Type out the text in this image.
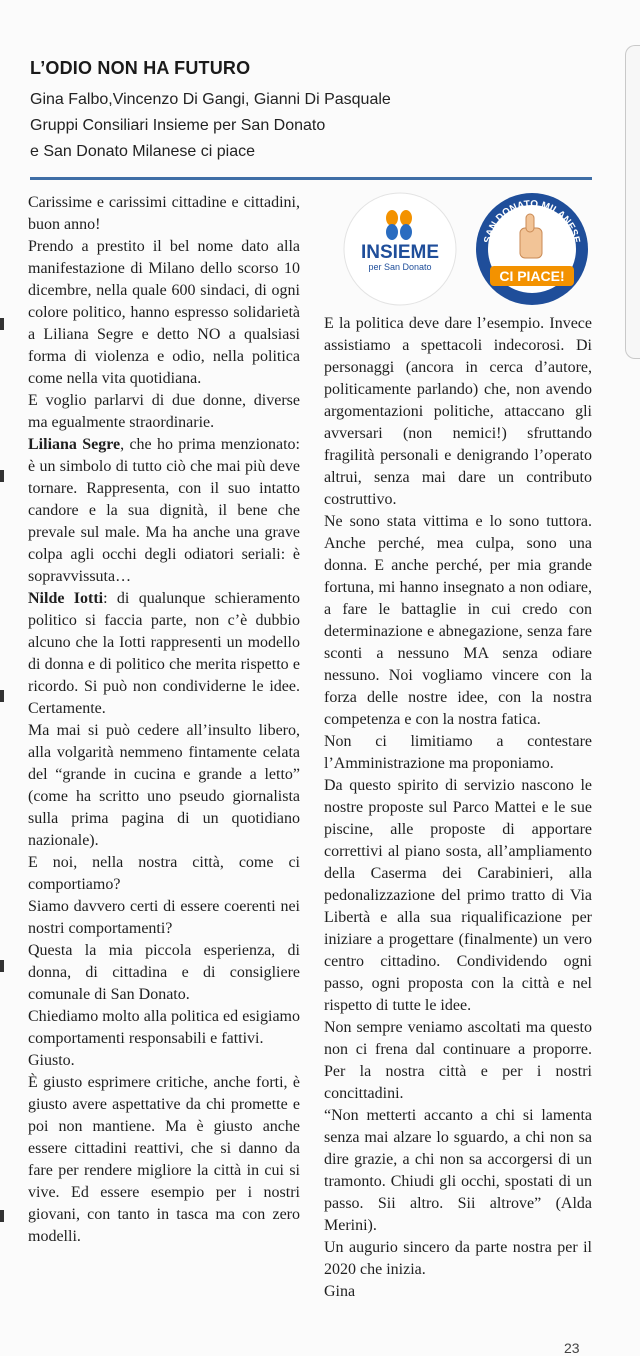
L’ODIO NON HA FUTURO
Gina Falbo,Vincenzo Di Gangi, Gianni Di Pasquale
Gruppi Consiliari Insieme per San Donato
e San Donato Milanese ci piace

Carissime e carissimi cittadine e cittadini, buon anno!

Prendo a prestito il bel nome dato alla manifestazione di Milano dello scorso 10 dicembre, nella quale 600 sindaci, di ogni colore politico, hanno espresso solidarietà a Liliana Segre e detto NO a qualsiasi forma di violenza e odio, nella politica come nella vita quotidiana.

E voglio parlarvi di due donne, diverse ma egualmente straordinarie.

Liliana Segre, che ho prima menzionato: è un simbolo di tutto ciò che mai più deve tornare. Rappresenta, con il suo intatto candore e la sua dignità, il bene che prevale sul male. Ma ha anche una grave colpa agli occhi degli odiatori seriali: è sopravvissuta…

Nilde Iotti: di qualunque schieramento politico si faccia parte, non c’è dubbio alcuno che la Iotti rappresenti un modello di donna e di politico che merita rispetto e ricordo. Si può non condividerne le idee. Certamente.

Ma mai si può cedere all’insulto libero, alla volgarità nemmeno fintamente celata del “grande in cucina e grande a letto” (come ha scritto uno pseudo giornalista sulla prima pagina di un quotidiano nazionale).

E noi, nella nostra città, come ci comportiamo?

Siamo davvero certi di essere coerenti nei nostri comportamenti?

Questa la mia piccola esperienza, di donna, di cittadina e di consigliere comunale di San Donato.

Chiediamo molto alla politica ed esigiamo comportamenti responsabili e fattivi.

Giusto.

È giusto esprimere critiche, anche forti, è giusto avere aspettative da chi promette e poi non mantiene. Ma è giusto anche essere cittadini reattivi, che si danno da fare per rendere migliore la città in cui si vive. Ed essere esempio per i nostri giovani, con tanto in tasca ma con zero modelli.

INSIEME
per San Donato
SAN DONATO MILANESE
CI PIACE!

E la politica deve dare l’esempio. Invece assistiamo a spettacoli indecorosi. Di personaggi (ancora in cerca d’autore, politicamente parlando) che, non avendo argomentazioni politiche, attaccano gli avversari (non nemici!) sfruttando fragilità personali e denigrando l’operato altrui, senza mai dare un contributo costruttivo.

Ne sono stata vittima e lo sono tuttora. Anche perché, mea culpa, sono una donna. E anche perché, per mia grande fortuna, mi hanno insegnato a non odiare, a fare le battaglie in cui credo con determinazione e abnegazione, senza fare sconti a nessuno MA senza odiare nessuno. Noi vogliamo vincere con la forza delle nostre idee, con la nostra competenza e con la nostra fatica.

Non ci limitiamo a contestare l’Amministrazione ma proponiamo.

Da questo spirito di servizio nascono le nostre proposte sul Parco Mattei e le sue piscine, alle proposte di apportare correttivi al piano sosta, all’ampliamento della Caserma dei Carabinieri, alla pedonalizzazione del primo tratto di Via Libertà e alla sua riqualificazione per iniziare a progettare (finalmente) un vero centro cittadino. Condividendo ogni passo, ogni proposta con la città e nel rispetto di tutte le idee.

Non sempre veniamo ascoltati ma questo non ci frena dal continuare a proporre. Per la nostra città e per i nostri concittadini.

“Non metterti accanto a chi si lamenta senza mai alzare lo sguardo, a chi non sa dire grazie, a chi non sa accorgersi di un tramonto. Chiudi gli occhi, spostati di un passo. Sii altro. Sii altrove” (Alda Merini).

Un augurio sincero da parte nostra per il 2020 che inizia.

Gina

23
